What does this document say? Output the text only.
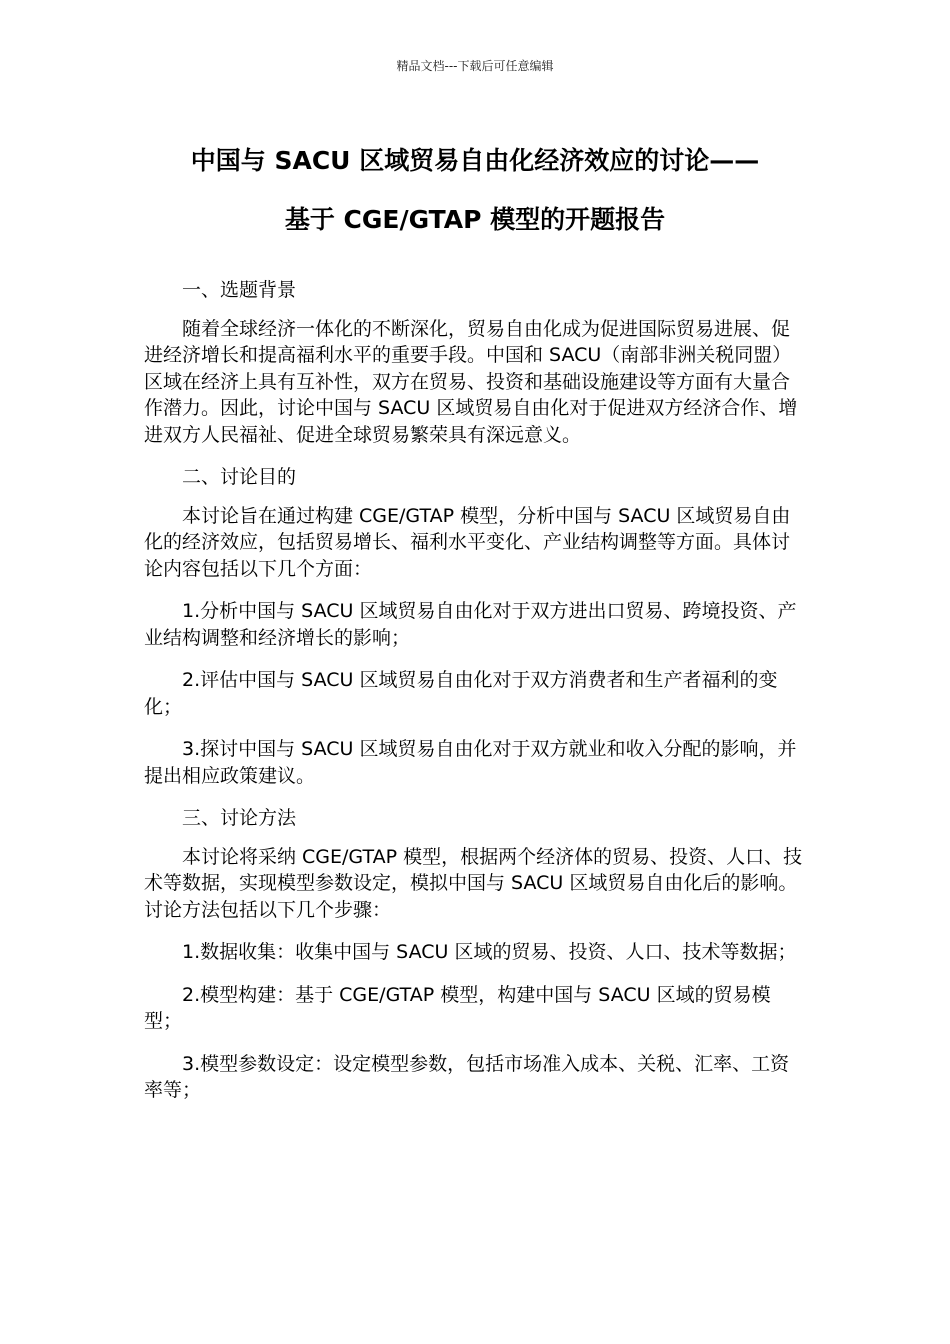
精品文档---下载后可任意编辑
中国与 SACU 区域贸易自由化经济效应的讨论——
基于 CGE/GTAP 模型的开题报告

一、选题背景

随着全球经济一体化的不断深化，贸易自由化成为促进国际贸易进展、促进经济增长和提高福利水平的重要手段。中国和 SACU（南部非洲关税同盟）区域在经济上具有互补性，双方在贸易、投资和基础设施建设等方面有大量合作潜力。因此，讨论中国与 SACU 区域贸易自由化对于促进双方经济合作、增进双方人民福祉、促进全球贸易繁荣具有深远意义。

二、讨论目的

本讨论旨在通过构建 CGE/GTAP 模型，分析中国与 SACU 区域贸易自由化的经济效应，包括贸易增长、福利水平变化、产业结构调整等方面。具体讨论内容包括以下几个方面：

1.分析中国与 SACU 区域贸易自由化对于双方进出口贸易、跨境投资、产业结构调整和经济增长的影响；

2.评估中国与 SACU 区域贸易自由化对于双方消费者和生产者福利的变化；

3.探讨中国与 SACU 区域贸易自由化对于双方就业和收入分配的影响，并提出相应政策建议。

三、讨论方法

本讨论将采纳 CGE/GTAP 模型，根据两个经济体的贸易、投资、人口、技术等数据，实现模型参数设定，模拟中国与 SACU 区域贸易自由化后的影响。讨论方法包括以下几个步骤：

1.数据收集：收集中国与 SACU 区域的贸易、投资、人口、技术等数据；

2.模型构建：基于 CGE/GTAP 模型，构建中国与 SACU 区域的贸易模型；

3.模型参数设定：设定模型参数，包括市场准入成本、关税、汇率、工资率等；
